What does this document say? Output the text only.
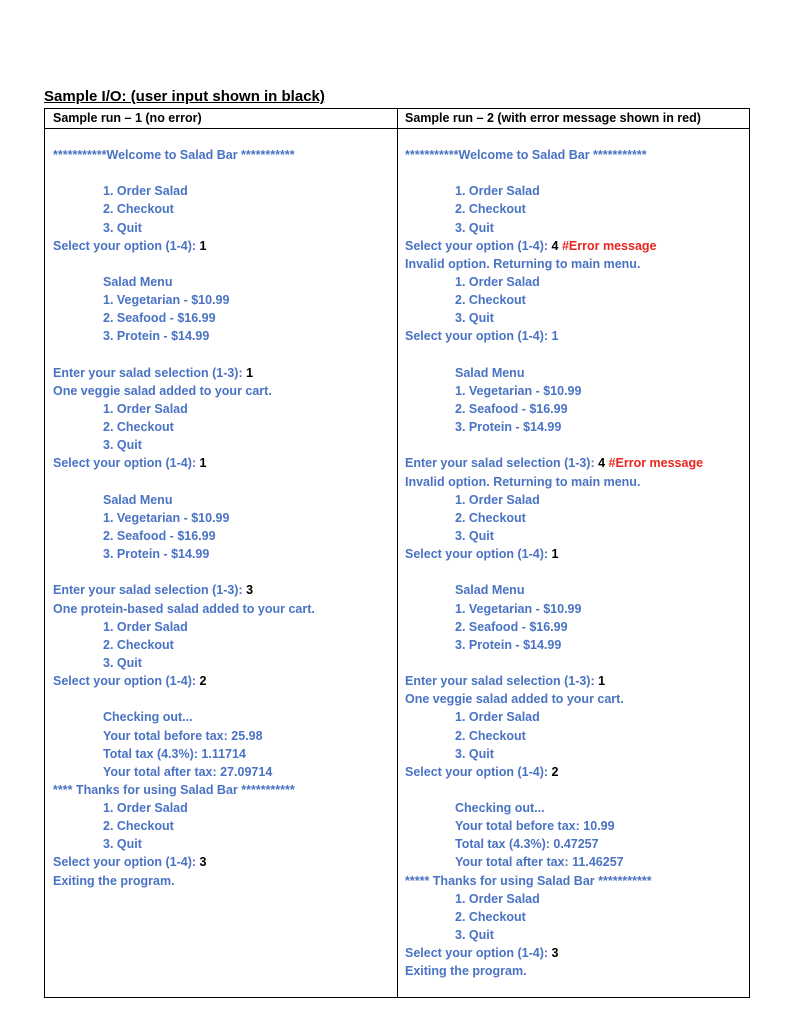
Sample I/O: (user input shown in black)
Sample run – 1 (no error)	Sample run – 2 (with error message shown in red)
***********Welcome to Salad Bar ***********

1. Order Salad
2. Checkout
3. Quit
Select your option (1-4): 1

Salad Menu
1. Vegetarian - $10.99
2. Seafood - $16.99
3. Protein - $14.99

Enter your salad selection (1-3): 1
One veggie salad added to your cart.
1. Order Salad
2. Checkout
3. Quit
Select your option (1-4): 1

Salad Menu
1. Vegetarian - $10.99
2. Seafood - $16.99
3. Protein - $14.99

Enter your salad selection (1-3): 3
One protein-based salad added to your cart.
1. Order Salad
2. Checkout
3. Quit
Select your option (1-4): 2

Checking out...
Your total before tax: 25.98
Total tax (4.3%): 1.11714
Your total after tax: 27.09714
**** Thanks for using Salad Bar ***********
1. Order Salad
2. Checkout
3. Quit
Select your option (1-4): 3
Exiting the program.
***********Welcome to Salad Bar ***********

1. Order Salad
2. Checkout
3. Quit
Select your option (1-4): 4 #Error message
Invalid option. Returning to main menu.
1. Order Salad
2. Checkout
3. Quit
Select your option (1-4): 1

Salad Menu
1. Vegetarian - $10.99
2. Seafood - $16.99
3. Protein - $14.99

Enter your salad selection (1-3): 4 #Error message
Invalid option. Returning to main menu.
1. Order Salad
2. Checkout
3. Quit
Select your option (1-4): 1

Salad Menu
1. Vegetarian - $10.99
2. Seafood - $16.99
3. Protein - $14.99

Enter your salad selection (1-3): 1
One veggie salad added to your cart.
1. Order Salad
2. Checkout
3. Quit
Select your option (1-4): 2

Checking out...
Your total before tax: 10.99
Total tax (4.3%): 0.47257
Your total after tax: 11.46257
***** Thanks for using Salad Bar ***********
1. Order Salad
2. Checkout
3. Quit
Select your option (1-4): 3
Exiting the program.
